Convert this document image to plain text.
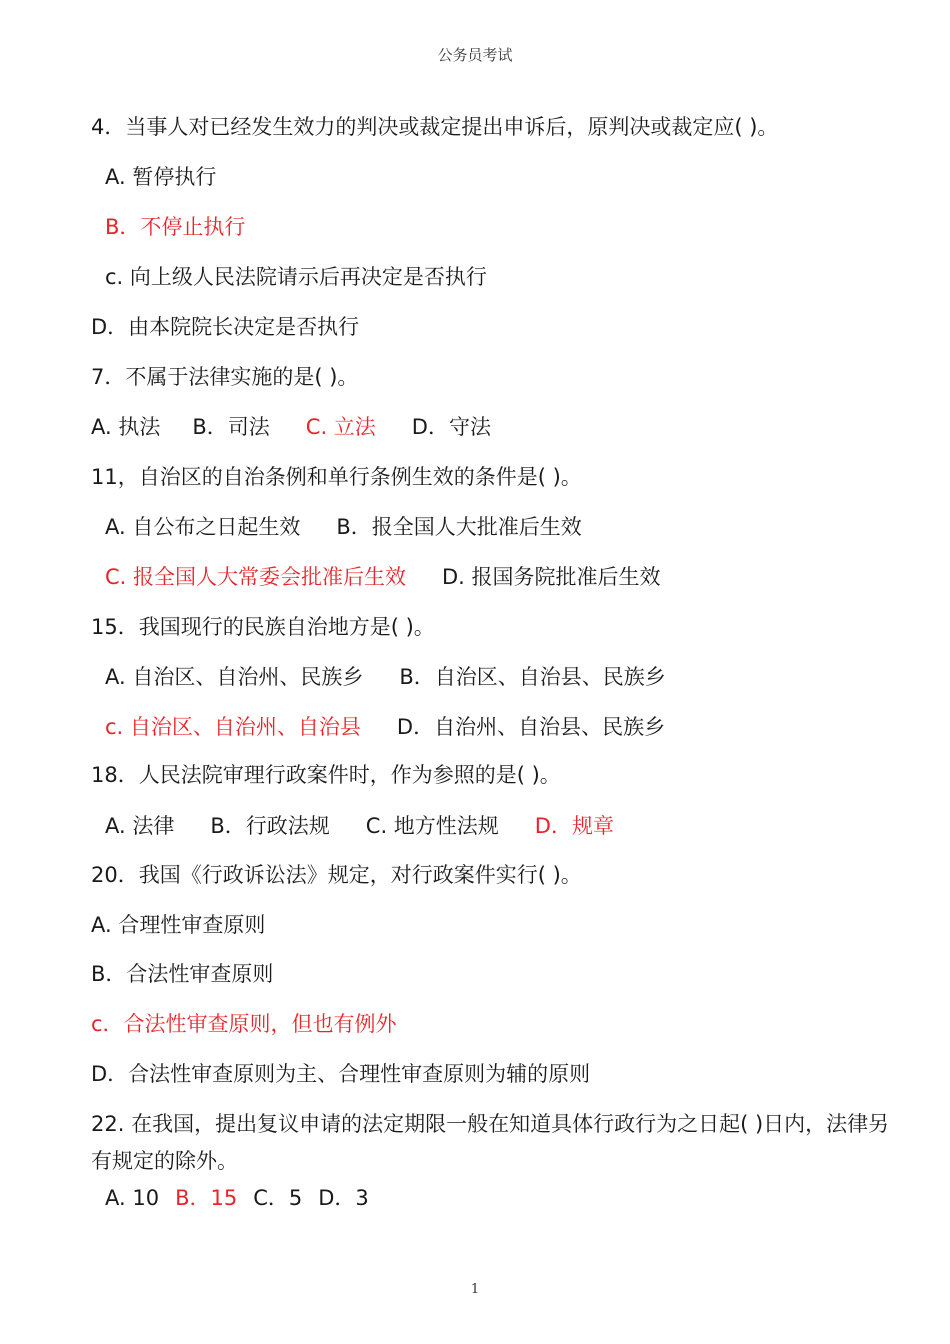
公务员考试
4．当事人对已经发生效力的判决或裁定提出申诉后，原判决或裁定应( )。
A. 暂停执行
B．不停止执行
c. 向上级人民法院请示后再决定是否执行
D．由本院院长决定是否执行
7．不属于法律实施的是( )。
A. 执法 B．司法 C. 立法 D．守法
11，自治区的自治条例和单行条例生效的条件是( )。
A. 自公布之日起生效 B．报全国人大批准后生效
C. 报全国人大常委会批准后生效 D. 报国务院批准后生效
15．我国现行的民族自治地方是( )。
A. 自治区、自治州、民族乡 B．自治区、自治县、民族乡
c. 自治区、自治州、自治县 D．自治州、自治县、民族乡
18．人民法院审理行政案件时，作为参照的是( )。
A. 法律 B．行政法规 C. 地方性法规 D．规章
20．我国《行政诉讼法》规定，对行政案件实行( )。
A. 合理性审查原则
B．合法性审查原则
c．合法性审查原则，但也有例外
D．合法性审查原则为主、合理性审查原则为辅的原则
22. 在我国，提出复议申请的法定期限一般在知道具体行政行为之日起( )日内，法律另有规定的除外。
A. 10 B．15 C．5 D．3
1
